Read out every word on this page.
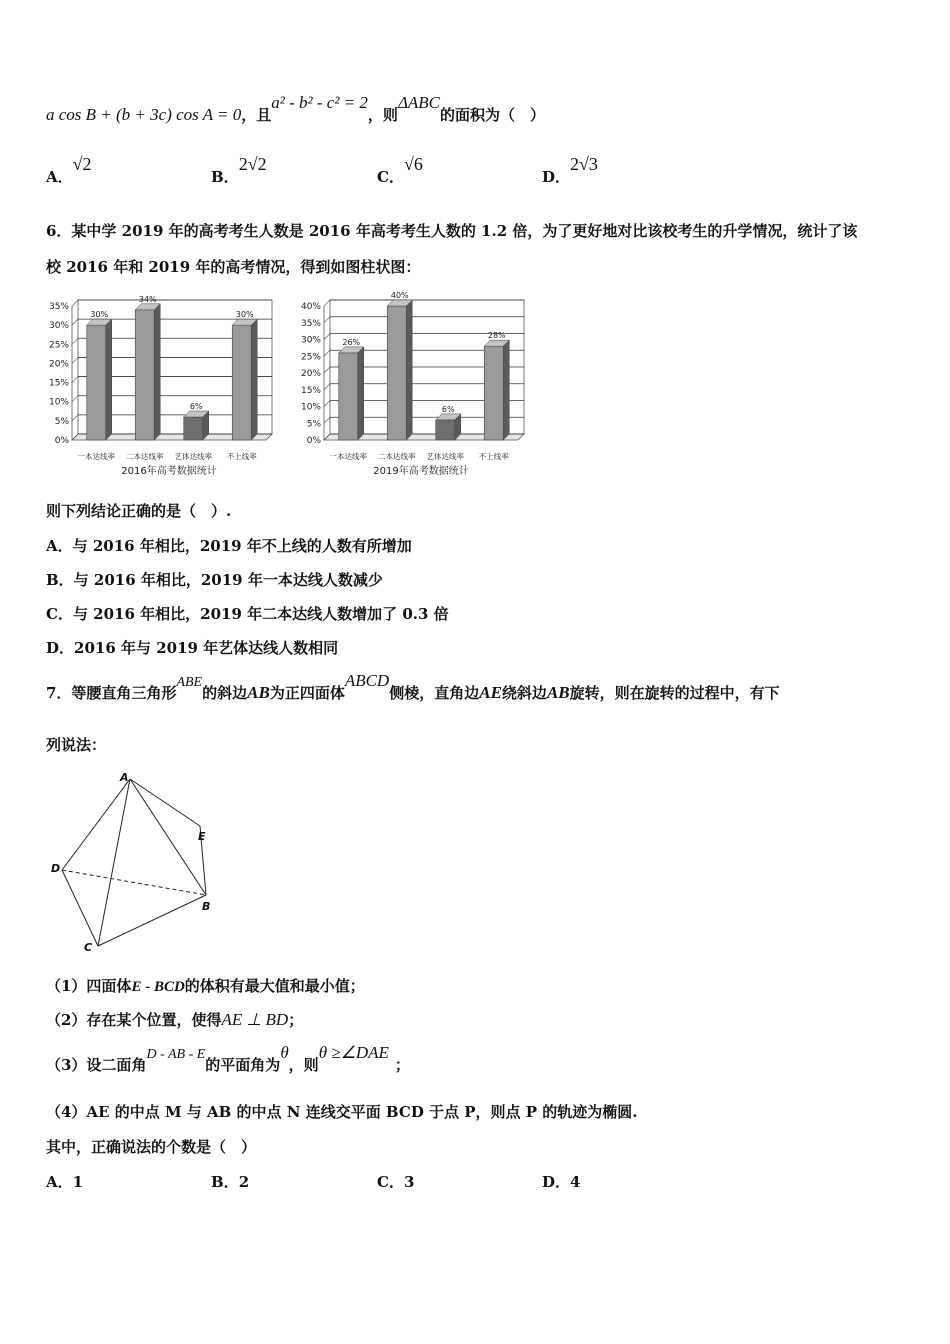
a cos B + (b + 3c) cos A = 0，且a² - b² - c² = 2，则ΔABC的面积为（　）
A．√2
B．2√2
C．√6
D．2√3
6．某中学 2019 年的高考考生人数是 2016 年高考考生人数的 1.2 倍，为了更好地对比该校考生的升学情况，统计了该
校 2016 年和 2019 年的高考情况，得到如图柱状图：
0%
5%
10%
15%
20%
25%
30%
35%
30%
一本达线率
34%
二本达线率
6%
艺体达线率
30%
不上线率
2016年高考数据统计
0%
5%
10%
15%
20%
25%
30%
35%
40%
26%
一本达线率
40%
二本达线率
6%
艺体达线率
28%
不上线率
2019年高考数据统计
则下列结论正确的是（　）.
A．与 2016 年相比，2019 年不上线的人数有所增加
B．与 2016 年相比，2019 年一本达线人数减少
C．与 2016 年相比，2019 年二本达线人数增加了 0.3 倍
D．2016 年与 2019 年艺体达线人数相同
7．等腰直角三角形ABE的斜边AB为正四面体ABCD侧棱，直角边AE绕斜边AB旋转，则在旋转的过程中，有下
列说法：
A
E
D
B
C
（1）四面体E - BCD的体积有最大值和最小值；
（2）存在某个位置，使得AE ⊥ BD；
（3）设二面角D - AB - E的平面角为θ，则θ ≥∠DAE；
（4）AE 的中点 M 与 AB 的中点 N 连线交平面 BCD 于点 P，则点 P 的轨迹为椭圆.
其中，正确说法的个数是（　）
A．1	B．2	C．3	D．4
